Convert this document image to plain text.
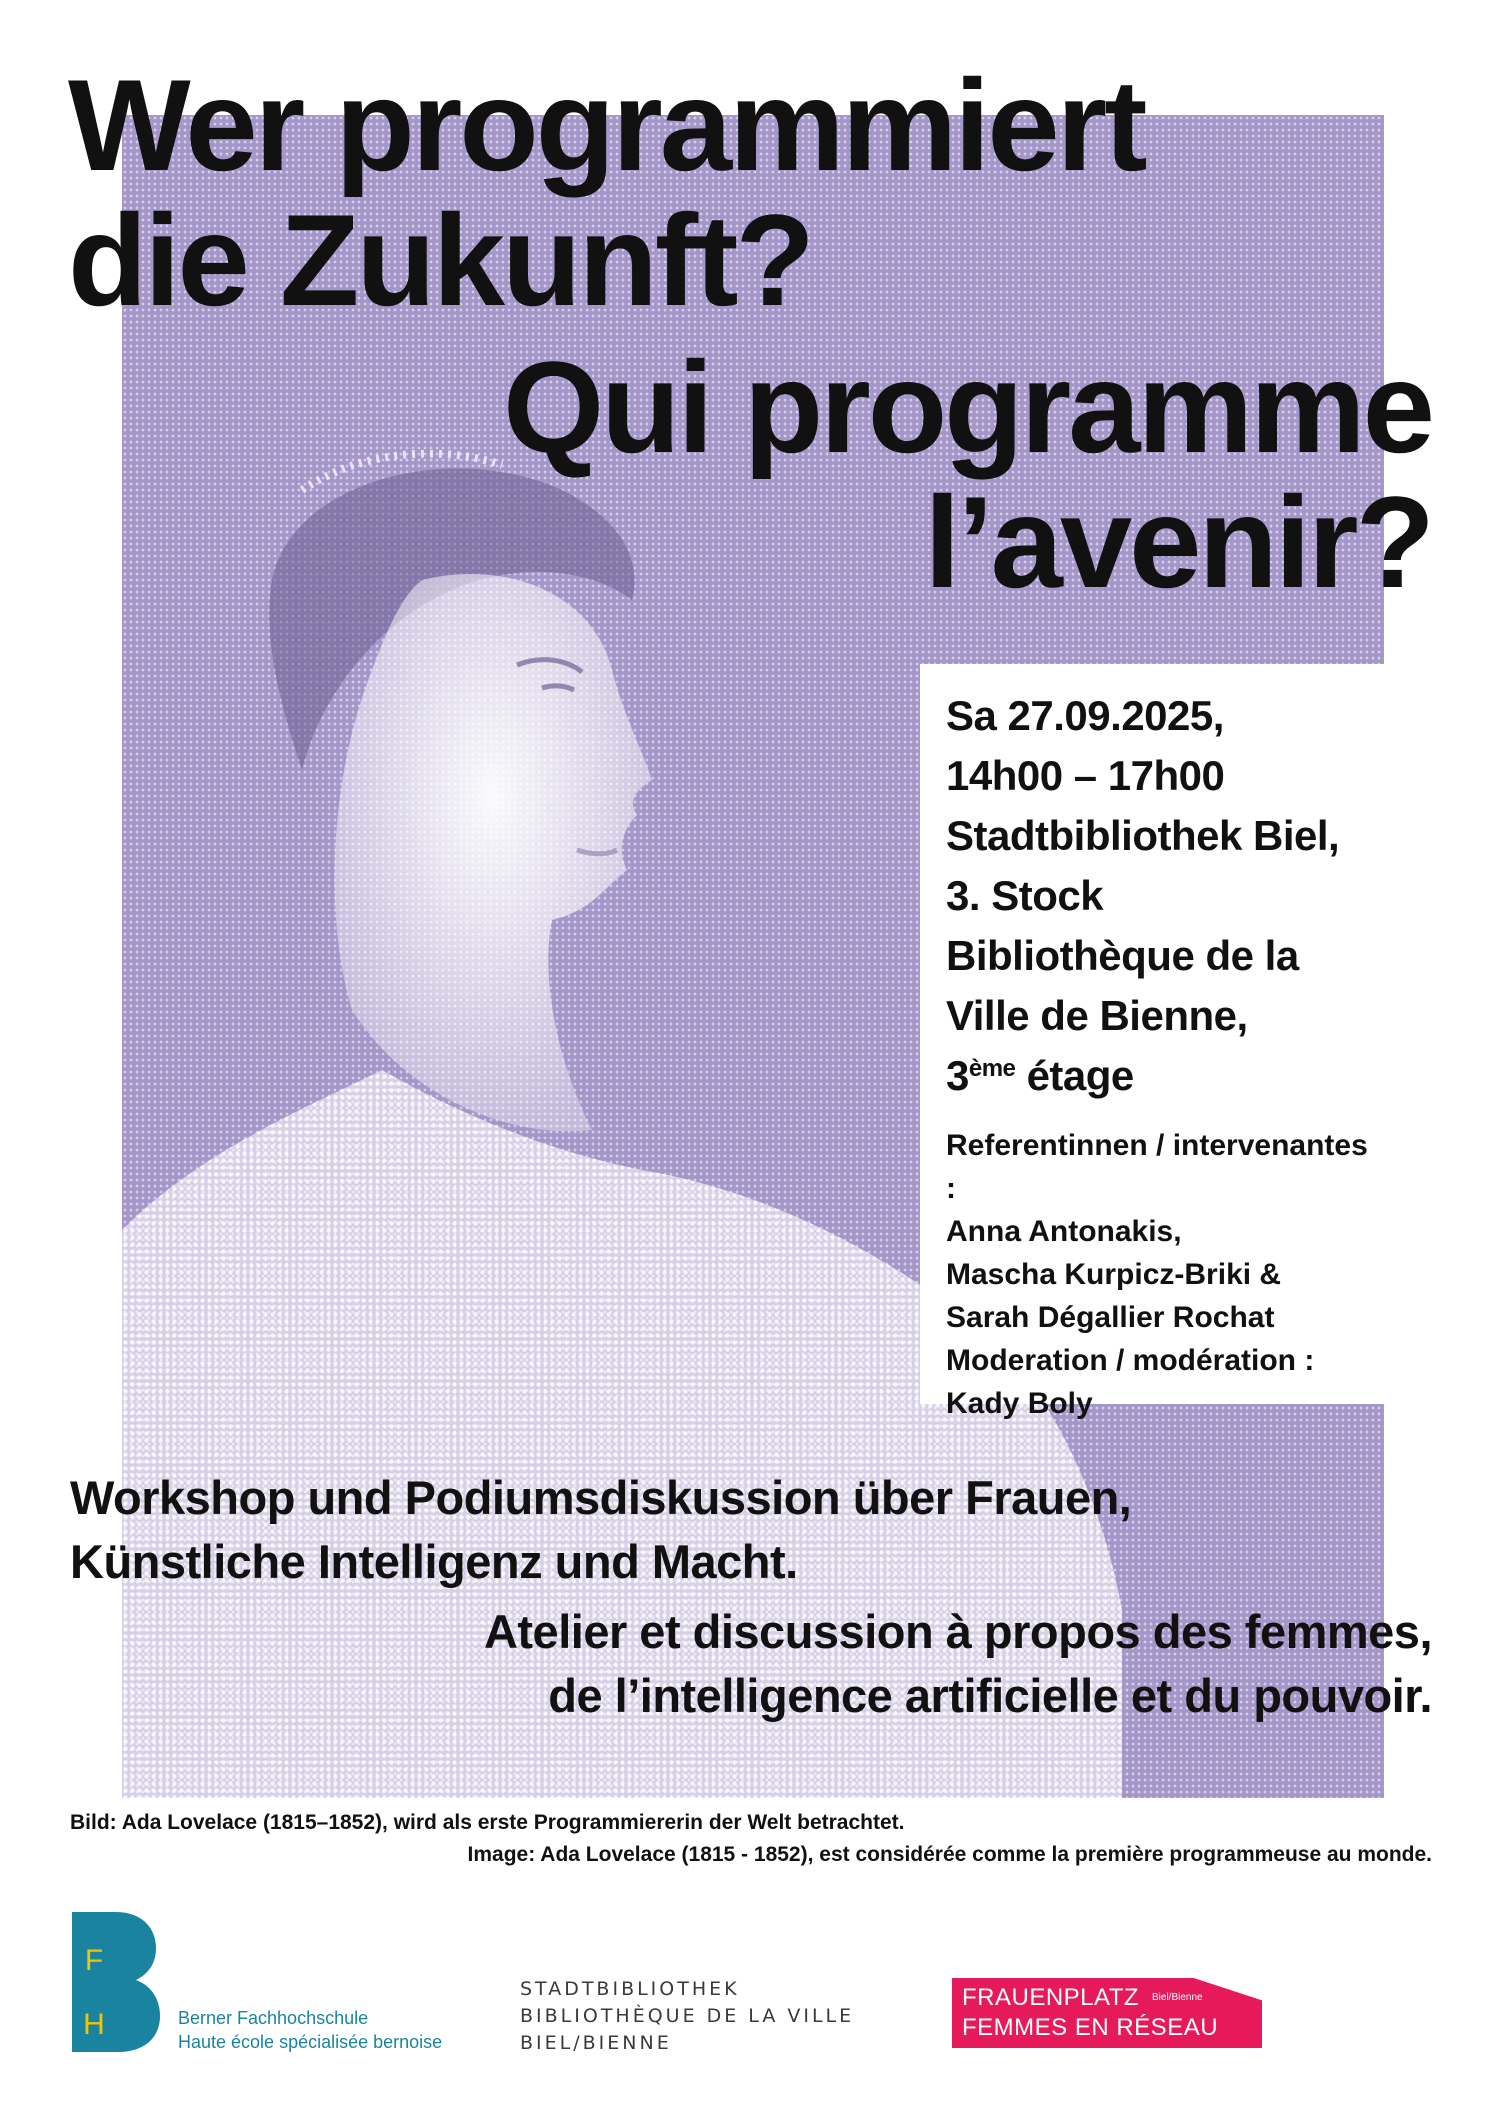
Wer programmiert
die Zukunft?
Qui programme
l’avenir?
Sa 27.09.2025,
14h00 – 17h00
Stadtbibliothek Biel,
3. Stock
Bibliothèque de la
Ville de Bienne,
3ème étage
Referentinnen / intervenantes :
Anna Antonakis,
Mascha Kurpicz-Briki &
Sarah Dégallier Rochat
Moderation / modération :
Kady Boly
Workshop und Podiumsdiskussion über Frauen,
Künstliche Intelligenz und Macht.
Atelier et discussion à propos des femmes,
de l’intelligence artificielle et du pouvoir.
Bild: Ada Lovelace (1815–1852), wird als erste Programmiererin der Welt betrachtet.
Image: Ada Lovelace (1815 - 1852), est considérée comme la première programmeuse au monde.
F
H	Berner Fachhochschule
Haute école spécialisée bernoise
STADTBIBLIOTHEK
BIBLIOTHÈQUE DE LA VILLE
BIEL/BIENNE
FRAUENPLATZ Biel/Bienne
FEMMES EN RÉSEAU
